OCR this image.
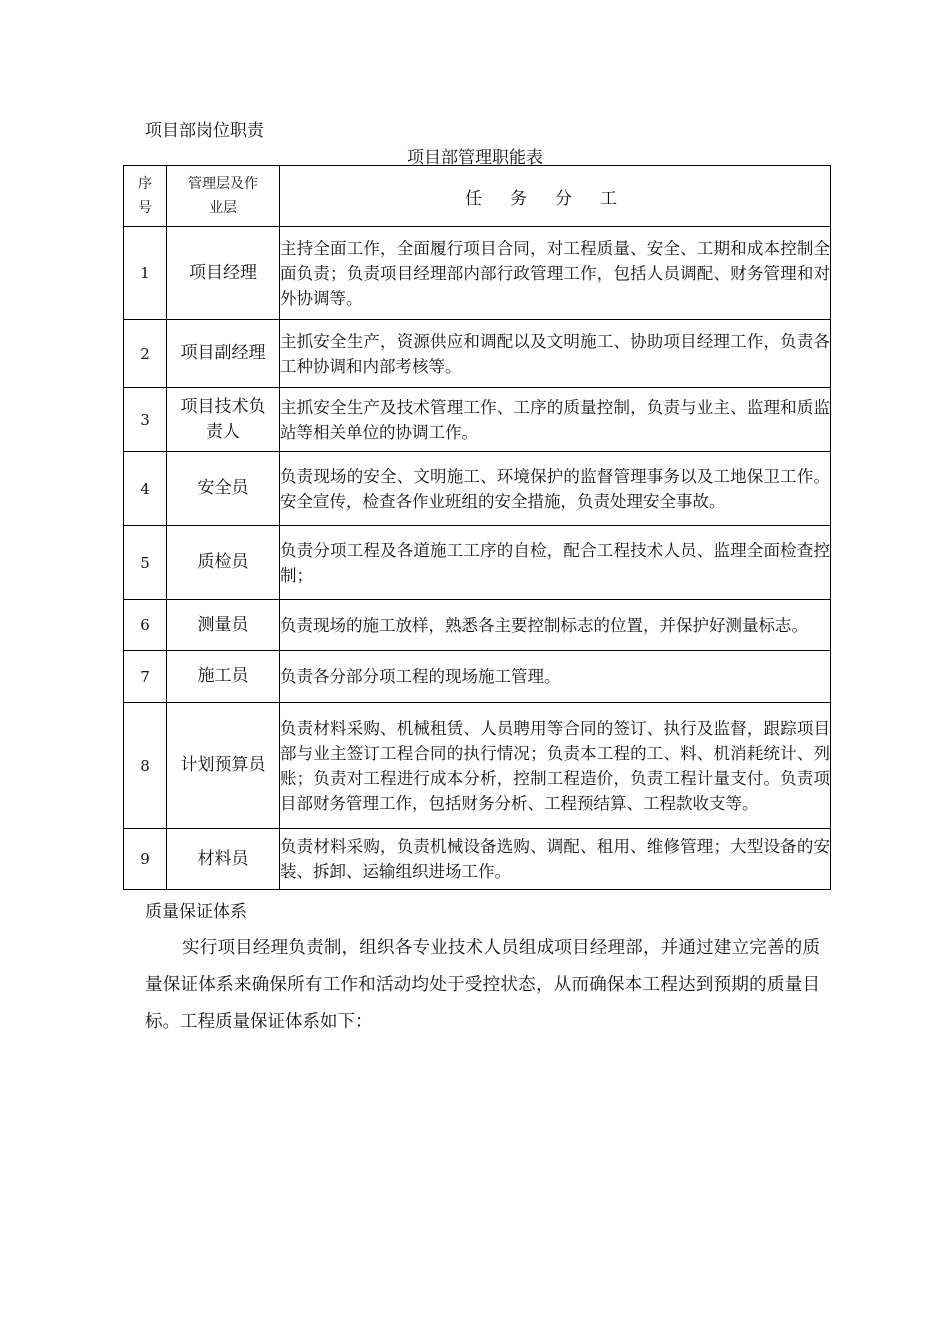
项目部岗位职责
项目部管理职能表
序号	管理层及作业层	任务分工
1	项目经理	主持全面工作，全面履行项目合同，对工程质量、安全、工期和成本控制全面负责；负责项目经理部内部行政管理工作，包括人员调配、财务管理和对外协调等。
2	项目副经理	主抓安全生产，资源供应和调配以及文明施工、协助项目经理工作，负责各工种协调和内部考核等。
3	项目技术负责人	主抓安全生产及技术管理工作、工序的质量控制，负责与业主、监理和质监站等相关单位的协调工作。
4	安全员	负责现场的安全、文明施工、环境保护的监督管理事务以及工地保卫工作。安全宣传，检查各作业班组的安全措施，负责处理安全事故。
5	质检员	负责分项工程及各道施工工序的自检，配合工程技术人员、监理全面检查控制；
6	测量员	负责现场的施工放样，熟悉各主要控制标志的位置，并保护好测量标志。
7	施工员	负责各分部分项工程的现场施工管理。
8	计划预算员	负责材料采购、机械租赁、人员聘用等合同的签订、执行及监督，跟踪项目部与业主签订工程合同的执行情况；负责本工程的工、料、机消耗统计、列账；负责对工程进行成本分析，控制工程造价，负责工程计量支付。负责项目部财务管理工作，包括财务分析、工程预结算、工程款收支等。
9	材料员	负责材料采购，负责机械设备选购、调配、租用、维修管理；大型设备的安装、拆卸、运输组织进场工作。
质量保证体系

实行项目经理负责制，组织各专业技术人员组成项目经理部，并通过建立完善的质量保证体系来确保所有工作和活动均处于受控状态，从而确保本工程达到预期的质量目标。工程质量保证体系如下：
